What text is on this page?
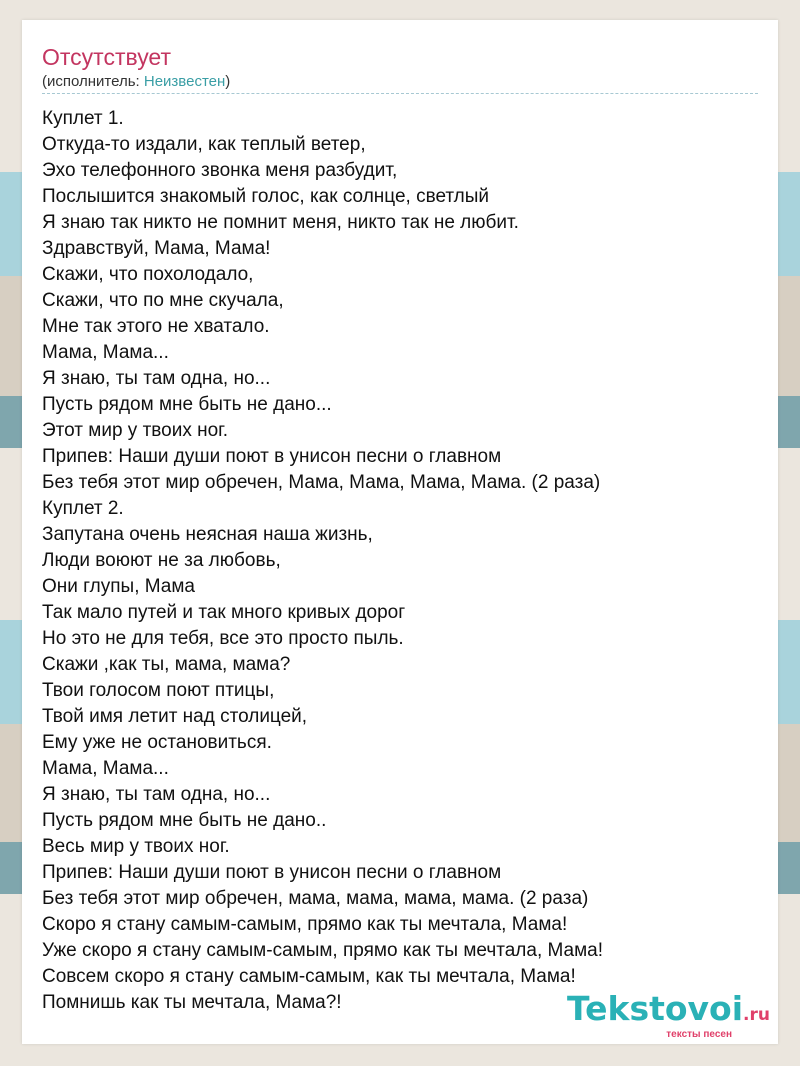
Отсутствует
(исполнитель: Неизвестен)
Куплет 1.
Откуда-то издали, как теплый ветер,
Эхо телефонного звонка меня разбудит,
Послышится знакомый голос, как солнце, светлый
Я знаю так никто не помнит меня, никто так не любит.
Здравствуй, Мама, Мама!
Скажи, что похолодало,
Скажи, что по мне скучала,
Мне так этого не хватало.
Мама, Мама...
Я знаю, ты там одна, но...
Пусть рядом мне быть не дано...
Этот мир у твоих ног.
Припев: Наши души поют в унисон песни о главном
Без тебя этот мир обречен, Мама, Мама, Мама, Мама. (2 раза)
Куплет 2.
Запутана очень неясная наша жизнь,
Люди воюют не за любовь,
Они глупы, Мама
Так мало путей и так много кривых дорог
Но это не для тебя, все это просто пыль.
Скажи ,как ты, мама, мама?
Твои голосом поют птицы,
Твой имя летит над столицей,
Ему уже не остановиться.
Мама, Мама...
Я знаю, ты там одна, но...
Пусть рядом мне быть не дано..
Весь мир у твоих ног.
Припев: Наши души поют в унисон песни о главном
Без тебя этот мир обречен, мама, мама, мама, мама. (2 раза)
Скоро я стану самым-самым, прямо как ты мечтала, Мама!
Уже скоро я стану самым-самым, прямо как ты мечтала, Мама!
Совсем скоро я стану самым-самым, как ты мечтала, Мама!
Помнишь как ты мечтала, Мама?!	Tekstovoi.ru
тексты песен
